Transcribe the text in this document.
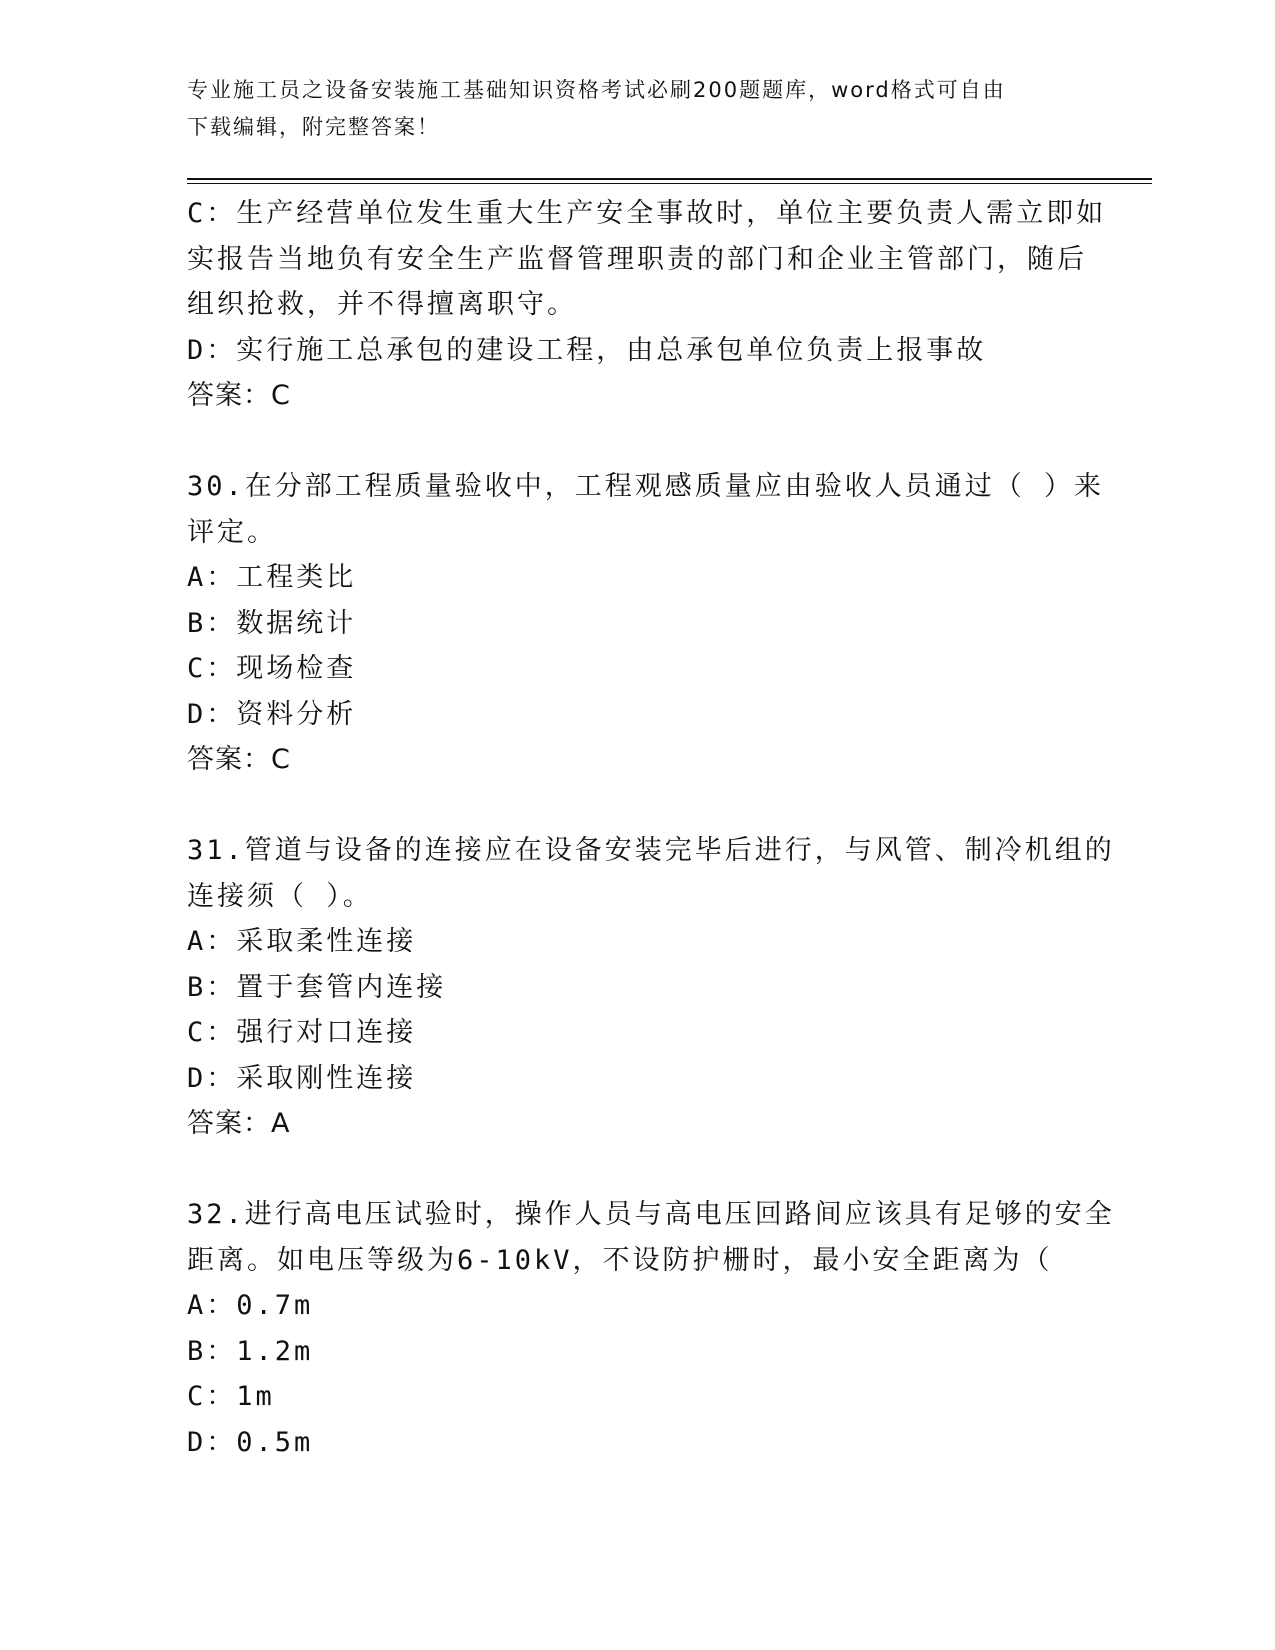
专业施工员之设备安装施工基础知识资格考试必刷200题题库，word格式可自由
下载编辑，附完整答案！
C：生产经营单位发生重大生产安全事故时，单位主要负责人需立即如
实报告当地负有安全生产监督管理职责的部门和企业主管部门，随后
组织抢救，并不得擅离职守。
D：实行施工总承包的建设工程，由总承包单位负责上报事故
答案：C
30.在分部工程质量验收中，工程观感质量应由验收人员通过（ ）来
评定。
A：工程类比
B：数据统计
C：现场检查
D：资料分析
答案：C
31.管道与设备的连接应在设备安装完毕后进行，与风管、制冷机组的
连接须（ ）。
A：采取柔性连接
B：置于套管内连接
C：强行对口连接
D：采取刚性连接
答案：A
32.进行高电压试验时，操作人员与高电压回路间应该具有足够的安全
距离。如电压等级为6-10kV，不设防护栅时，最小安全距离为（
A：0.7m
B：1.2m
C：1m
D：0.5m
